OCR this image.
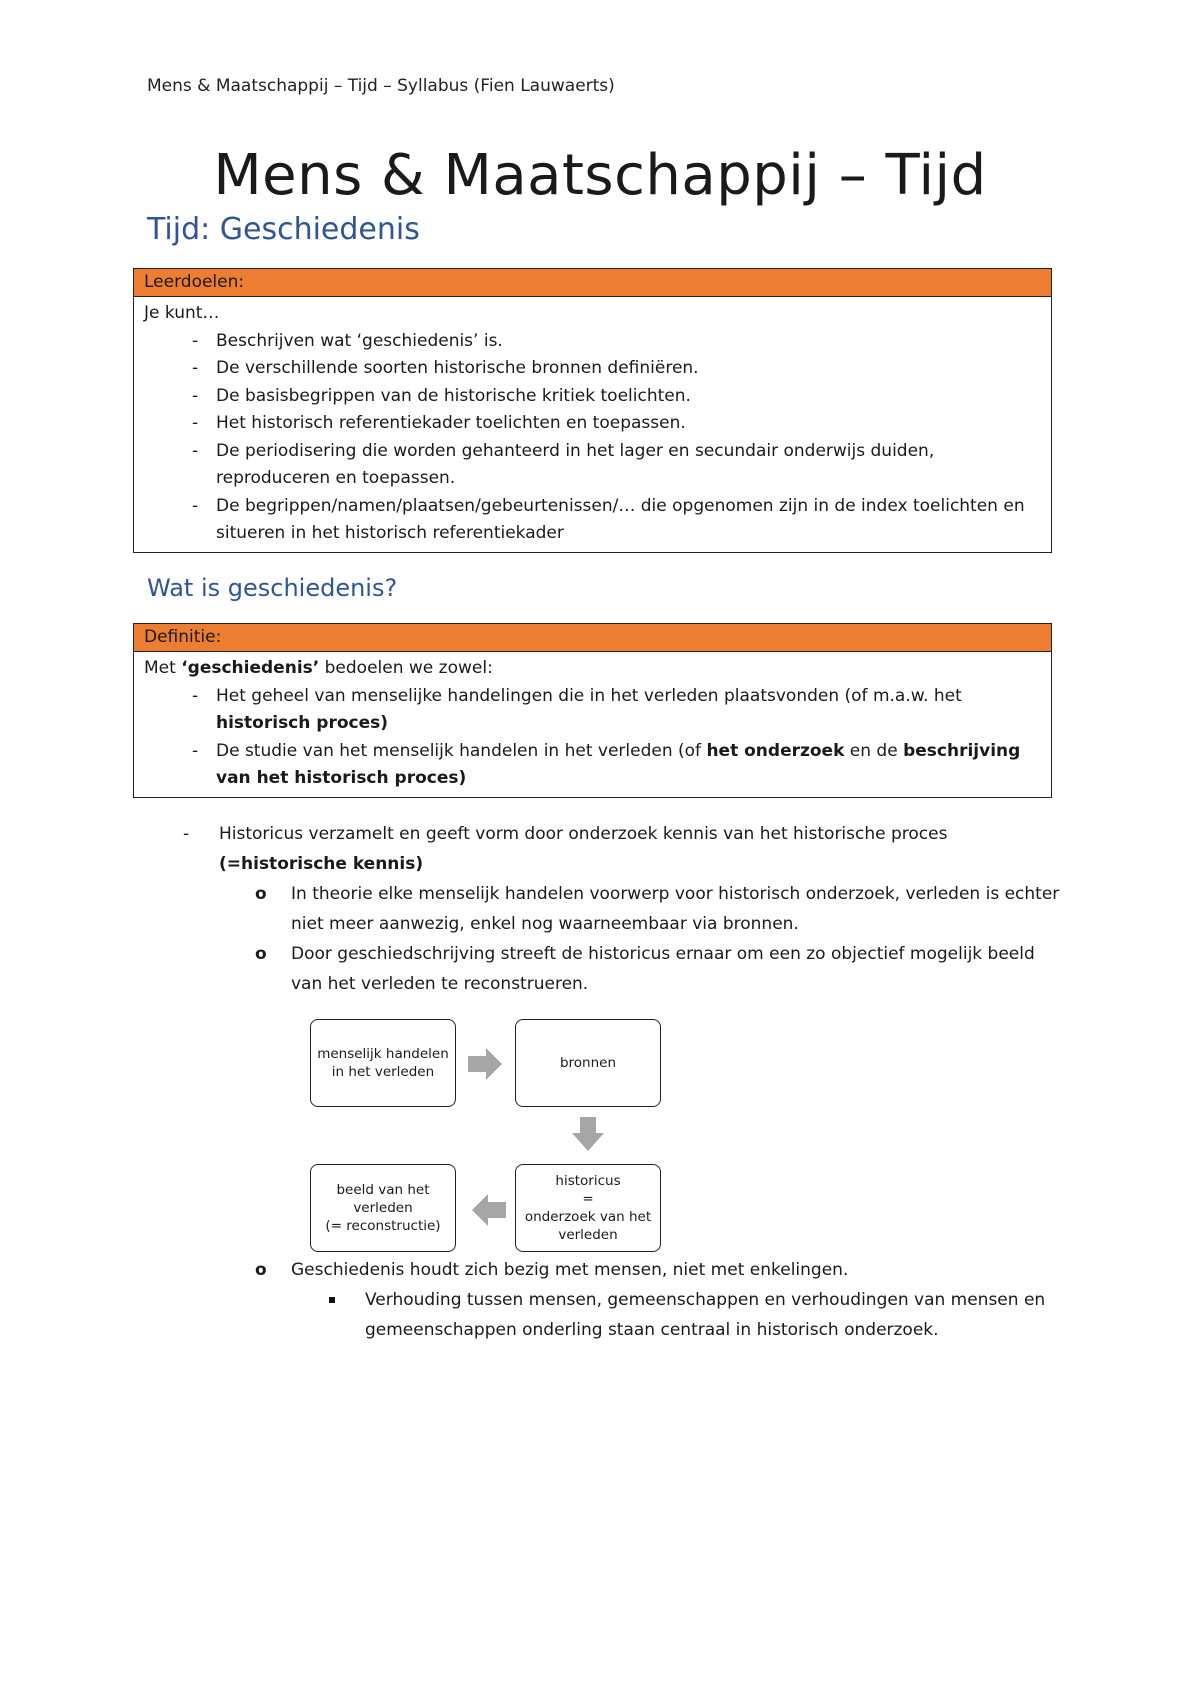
Mens & Maatschappij – Tijd – Syllabus (Fien Lauwaerts)
Mens & Maatschappij – Tijd
Tijd: Geschiedenis
Leerdoelen:
Je kunt…
- Beschrijven wat ‘geschiedenis’ is.
- De verschillende soorten historische bronnen definiëren.
- De basisbegrippen van de historische kritiek toelichten.
- Het historisch referentiekader toelichten en toepassen.
- De periodisering die worden gehanteerd in het lager en secundair onderwijs duiden, reproduceren en toepassen.
- De begrippen/namen/plaatsen/gebeurtenissen/… die opgenomen zijn in de index toelichten en situeren in het historisch referentiekader
Wat is geschiedenis?
Definitie:
Met ‘geschiedenis’ bedoelen we zowel:
- Het geheel van menselijke handelingen die in het verleden plaatsvonden (of m.a.w. het historisch proces)
- De studie van het menselijk handelen in het verleden (of het onderzoek en de beschrijving van het historisch proces)
- Historicus verzamelt en geeft vorm door onderzoek kennis van het historische proces (=historische kennis)
o In theorie elke menselijk handelen voorwerp voor historisch onderzoek, verleden is echter niet meer aanwezig, enkel nog waarneembaar via bronnen.
o Door geschiedschrijving streeft de historicus ernaar om een zo objectief mogelijk beeld van het verleden te reconstrueren.
o Geschiedenis houdt zich bezig met mensen, niet met enkelingen.
Verhouding tussen mensen, gemeenschappen en verhoudingen van mensen en gemeenschappen onderling staan centraal in historisch onderzoek.
menselijk handelen
in het verleden
bronnen
historicus
=
onderzoek van het
verleden
beeld van het
verleden
(= reconstructie)
